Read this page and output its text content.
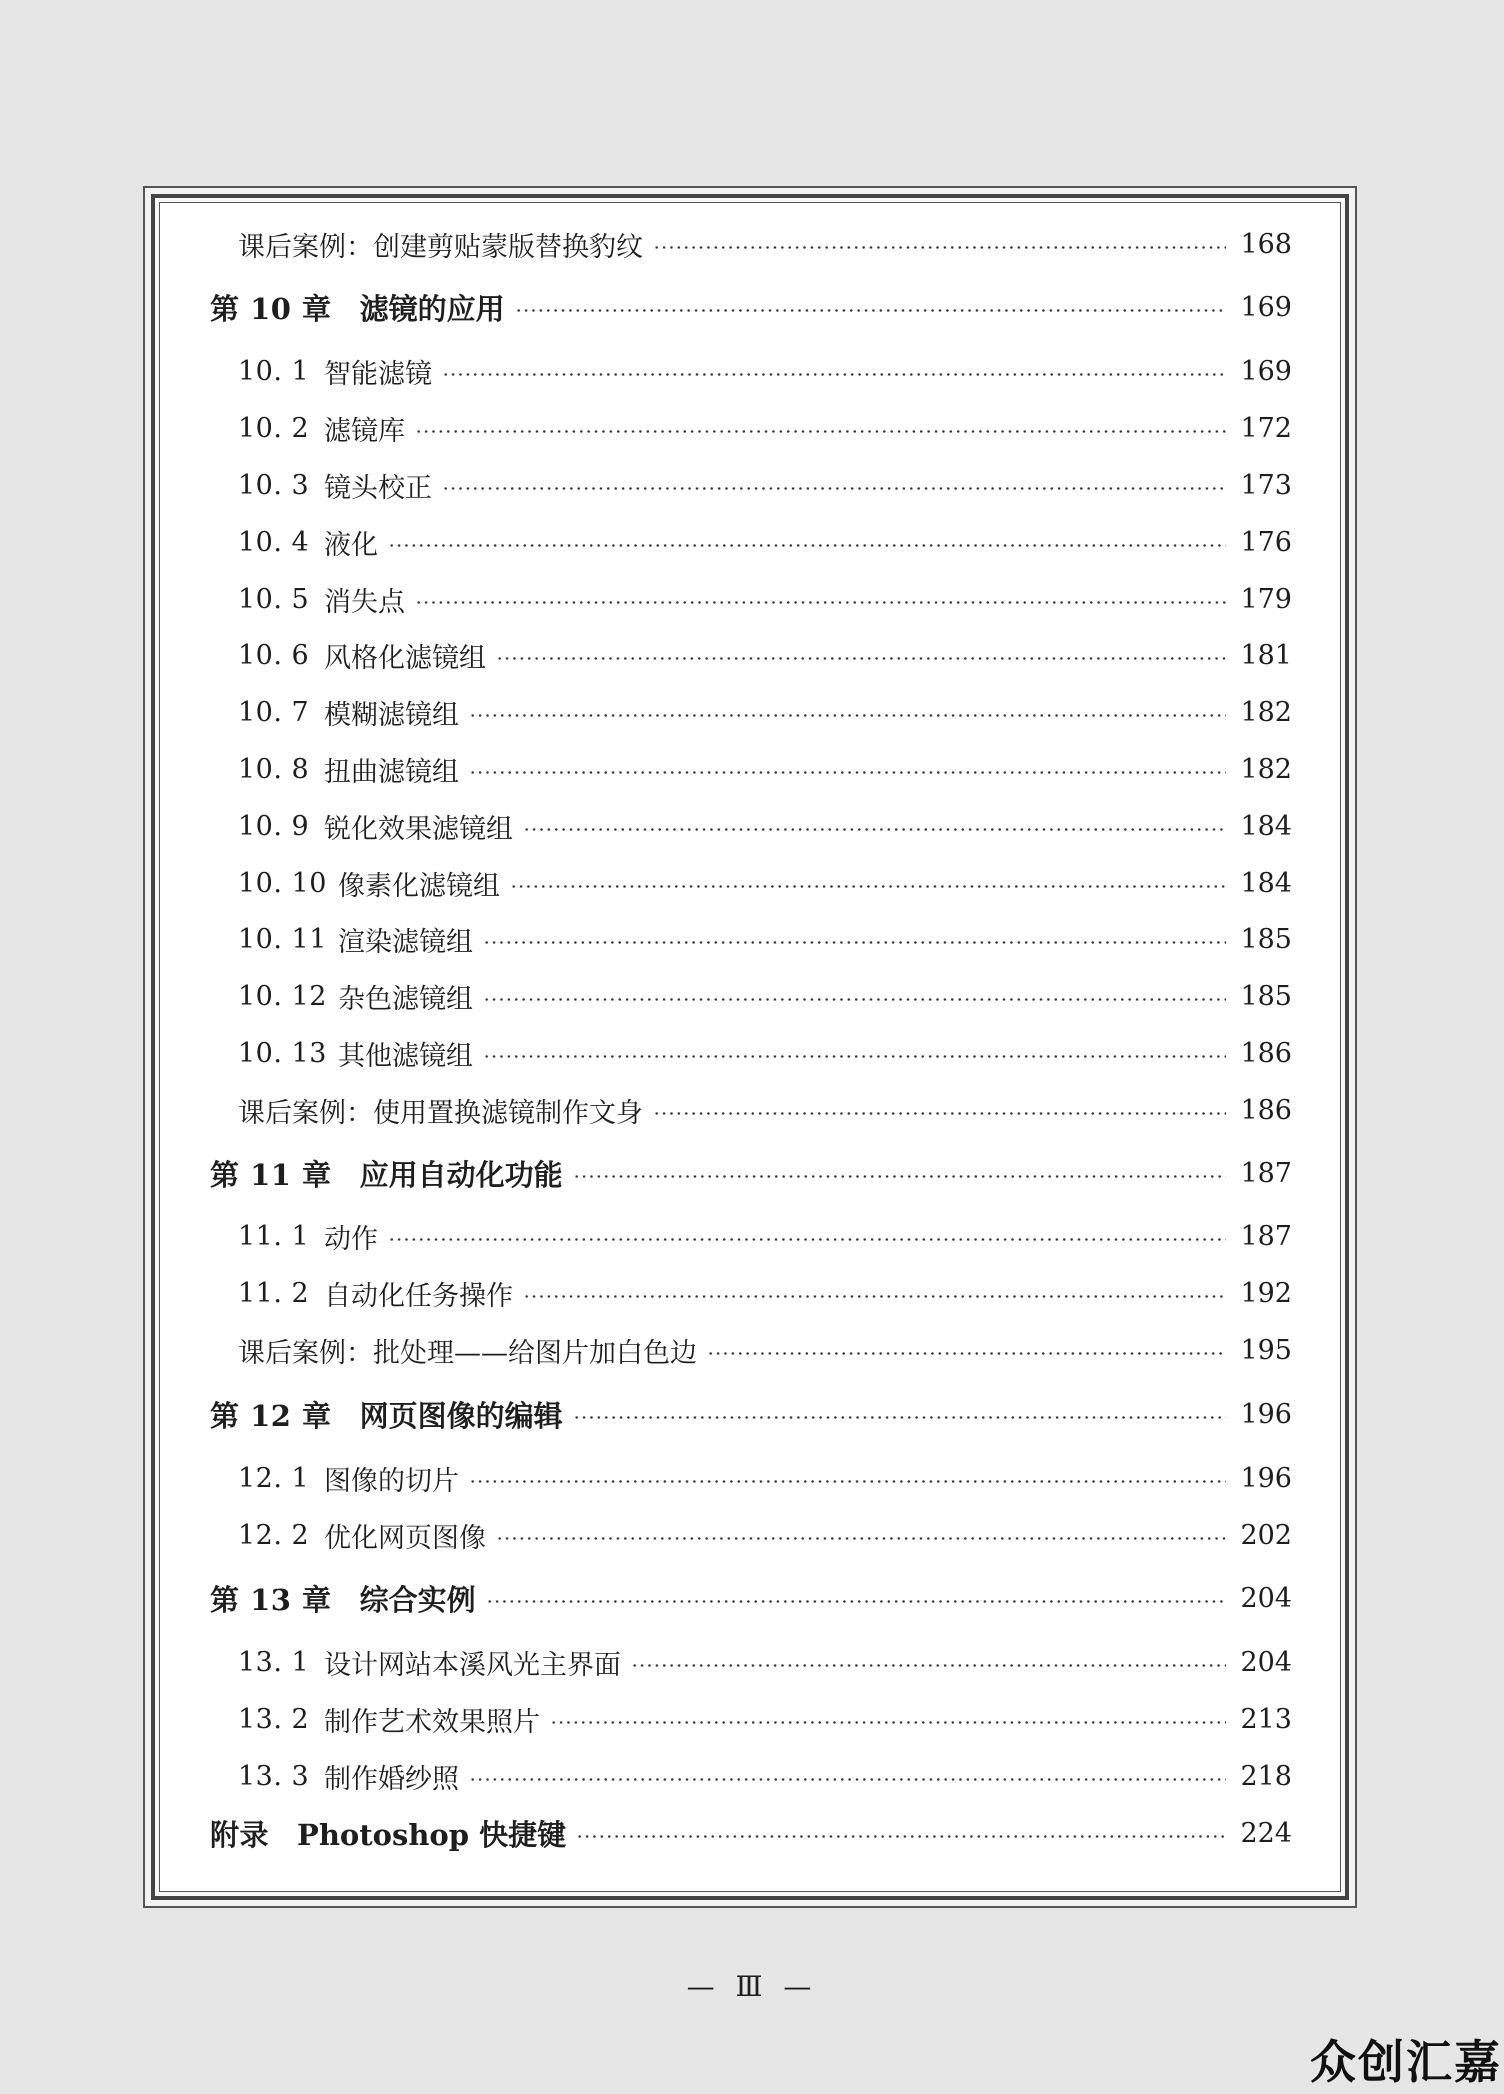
课后案例：创建剪贴蒙版替换豹纹	168
第 10 章 滤镜的应用	169
10. 1 智能滤镜	169
10. 2 滤镜库	172
10. 3 镜头校正	173
10. 4 液化	176
10. 5 消失点	179
10. 6 风格化滤镜组	181
10. 7 模糊滤镜组	182
10. 8 扭曲滤镜组	182
10. 9 锐化效果滤镜组	184
10. 10 像素化滤镜组	184
10. 11 渲染滤镜组	185
10. 12 杂色滤镜组	185
10. 13 其他滤镜组	186
课后案例：使用置换滤镜制作文身	186
第 11 章 应用自动化功能	187
11. 1 动作	187
11. 2 自动化任务操作	192
课后案例：批处理——给图片加白色边	195
第 12 章 网页图像的编辑	196
12. 1 图像的切片	196
12. 2 优化网页图像	202
第 13 章 综合实例	204
13. 1 设计网站本溪风光主界面	204
13. 2 制作艺术效果照片	213
13. 3 制作婚纱照	218
附录 Photoshop 快捷键	224
— Ⅲ —
众创汇嘉
